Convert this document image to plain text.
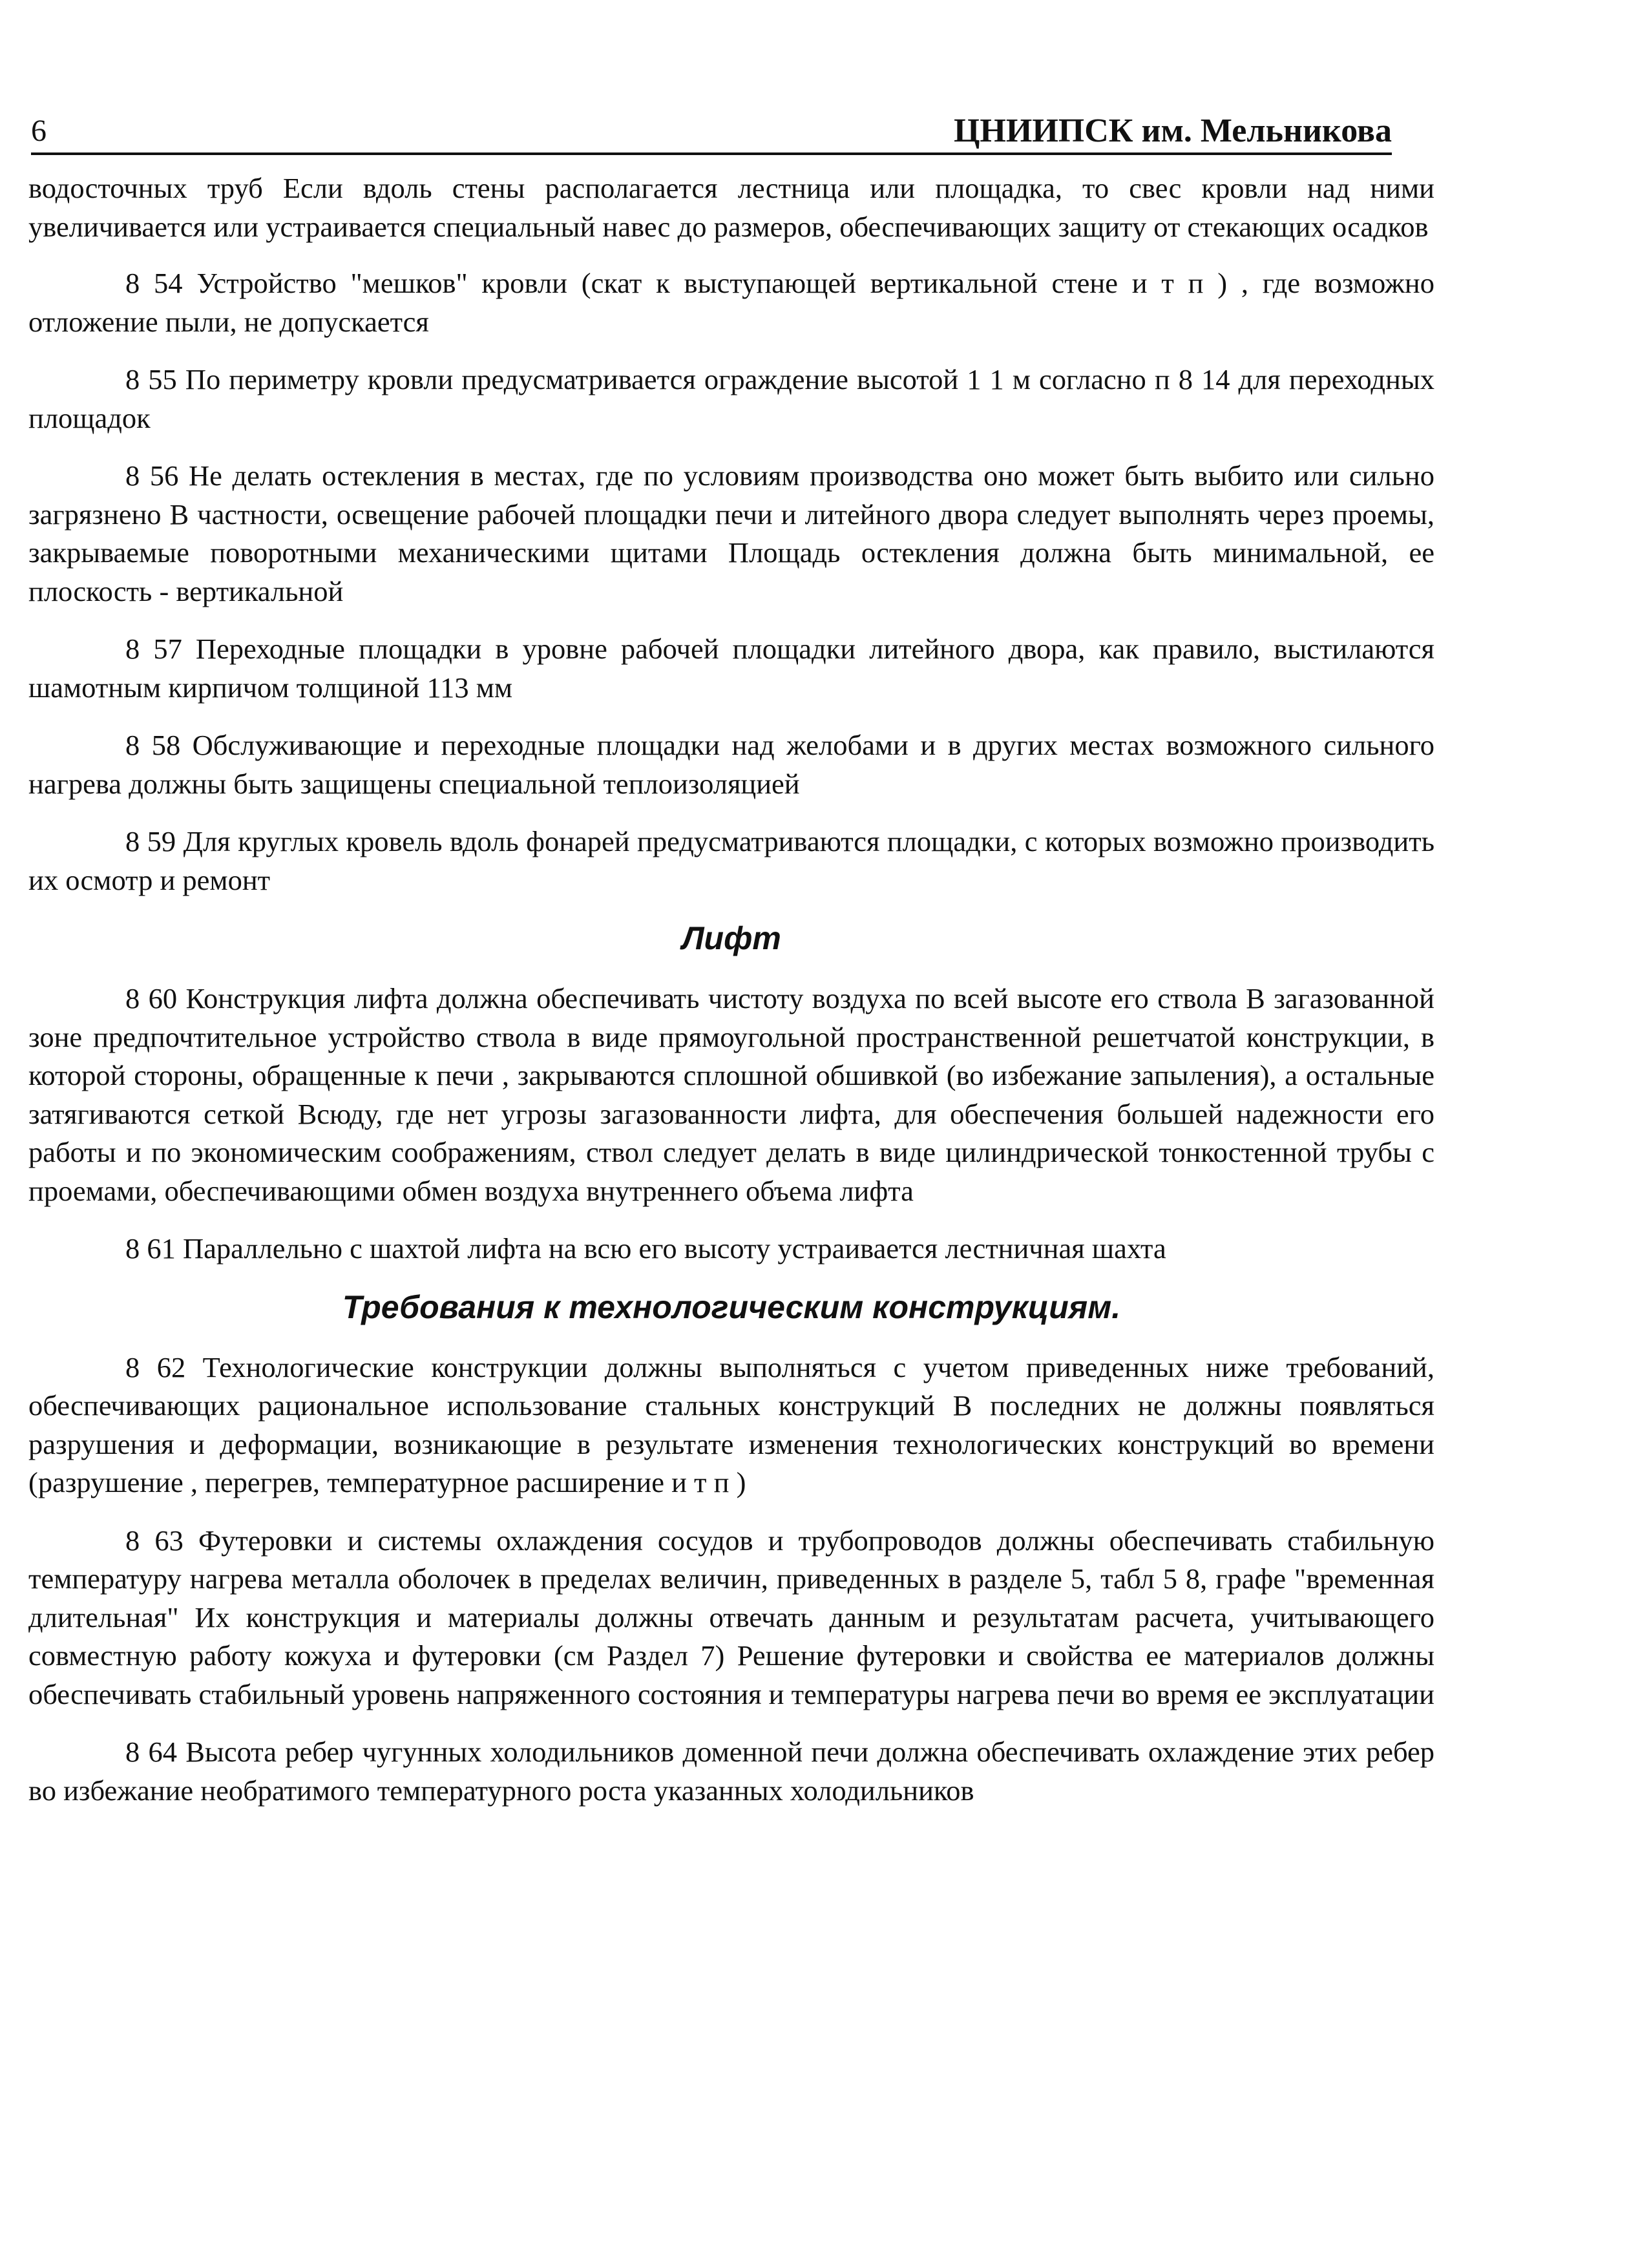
6	ЦНИИПСК им. Мельникова

водосточных труб Если вдоль стены располагается лестница или площадка, то свес кровли над ними увеличивается или устраивается специальный навес до размеров, обеспечивающих защиту от стекающих осадков

8 54 Устройство "мешков" кровли (скат к выступающей вертикальной стене и т п ) , где возможно отложение пыли, не допускается

8 55 По периметру кровли предусматривается ограждение высотой 1 1 м согласно п 8 14 для переходных площадок

8 56 Не делать остекления в местах, где по условиям производства оно может быть выбито или сильно загрязнено В частности, освещение рабочей площадки печи и литейного двора следует выполнять через проемы, закрываемые поворотными механическими щитами Площадь остекления должна быть минимальной, ее плоскость - вертикальной

8 57 Переходные площадки в уровне рабочей площадки литейного двора, как правило, выстилаются шамотным кирпичом толщиной 113 мм

8 58 Обслуживающие и переходные площадки над желобами и в других местах возможного сильного нагрева должны быть защищены специальной теплоизоляцией

8 59 Для круглых кровель вдоль фонарей предусматриваются площадки, с которых возможно производить их осмотр и ремонт

Лифт

8 60 Конструкция лифта должна обеспечивать чистоту воздуха по всей высоте его ствола В загазованной зоне предпочтительное устройство ствола в виде прямоугольной пространственной решетчатой конструкции, в которой стороны, обращенные к печи , закрываются сплошной обшивкой (во избежание запыления), а остальные затягиваются сеткой Всюду, где нет угрозы загазованности лифта, для обеспечения большей надежности его работы и по экономическим соображениям, ствол следует делать в виде цилиндрической тонкостенной трубы с проемами, обеспечивающими обмен воздуха внутреннего объема лифта

8 61 Параллельно с шахтой лифта на всю его высоту устраивается лестничная шахта

Требования к технологическим конструкциям.

8 62 Технологические конструкции должны выполняться с учетом приведенных ниже требований, обеспечивающих рациональное использование стальных конструкций В последних не должны появляться разрушения и деформации, возникающие в результате изменения технологических конструкций во времени (разрушение , перегрев, температурное расширение и т п )

8 63 Футеровки и системы охлаждения сосудов и трубопроводов должны обеспечивать стабильную температуру нагрева металла оболочек в пределах величин, приведенных в разделе 5, табл 5 8, графе "временная длительная" Их конструкция и материалы должны отвечать данным и результатам расчета, учитывающего совместную работу кожуха и футеровки (см Раздел 7) Решение футеровки и свойства ее материалов должны обеспечивать стабильный уровень напряженного состояния и температуры нагрева печи во время ее эксплуатации

8 64 Высота ребер чугунных холодильников доменной печи должна обеспечивать охлаждение этих ребер во избежание необратимого температурного роста указанных холодильников
